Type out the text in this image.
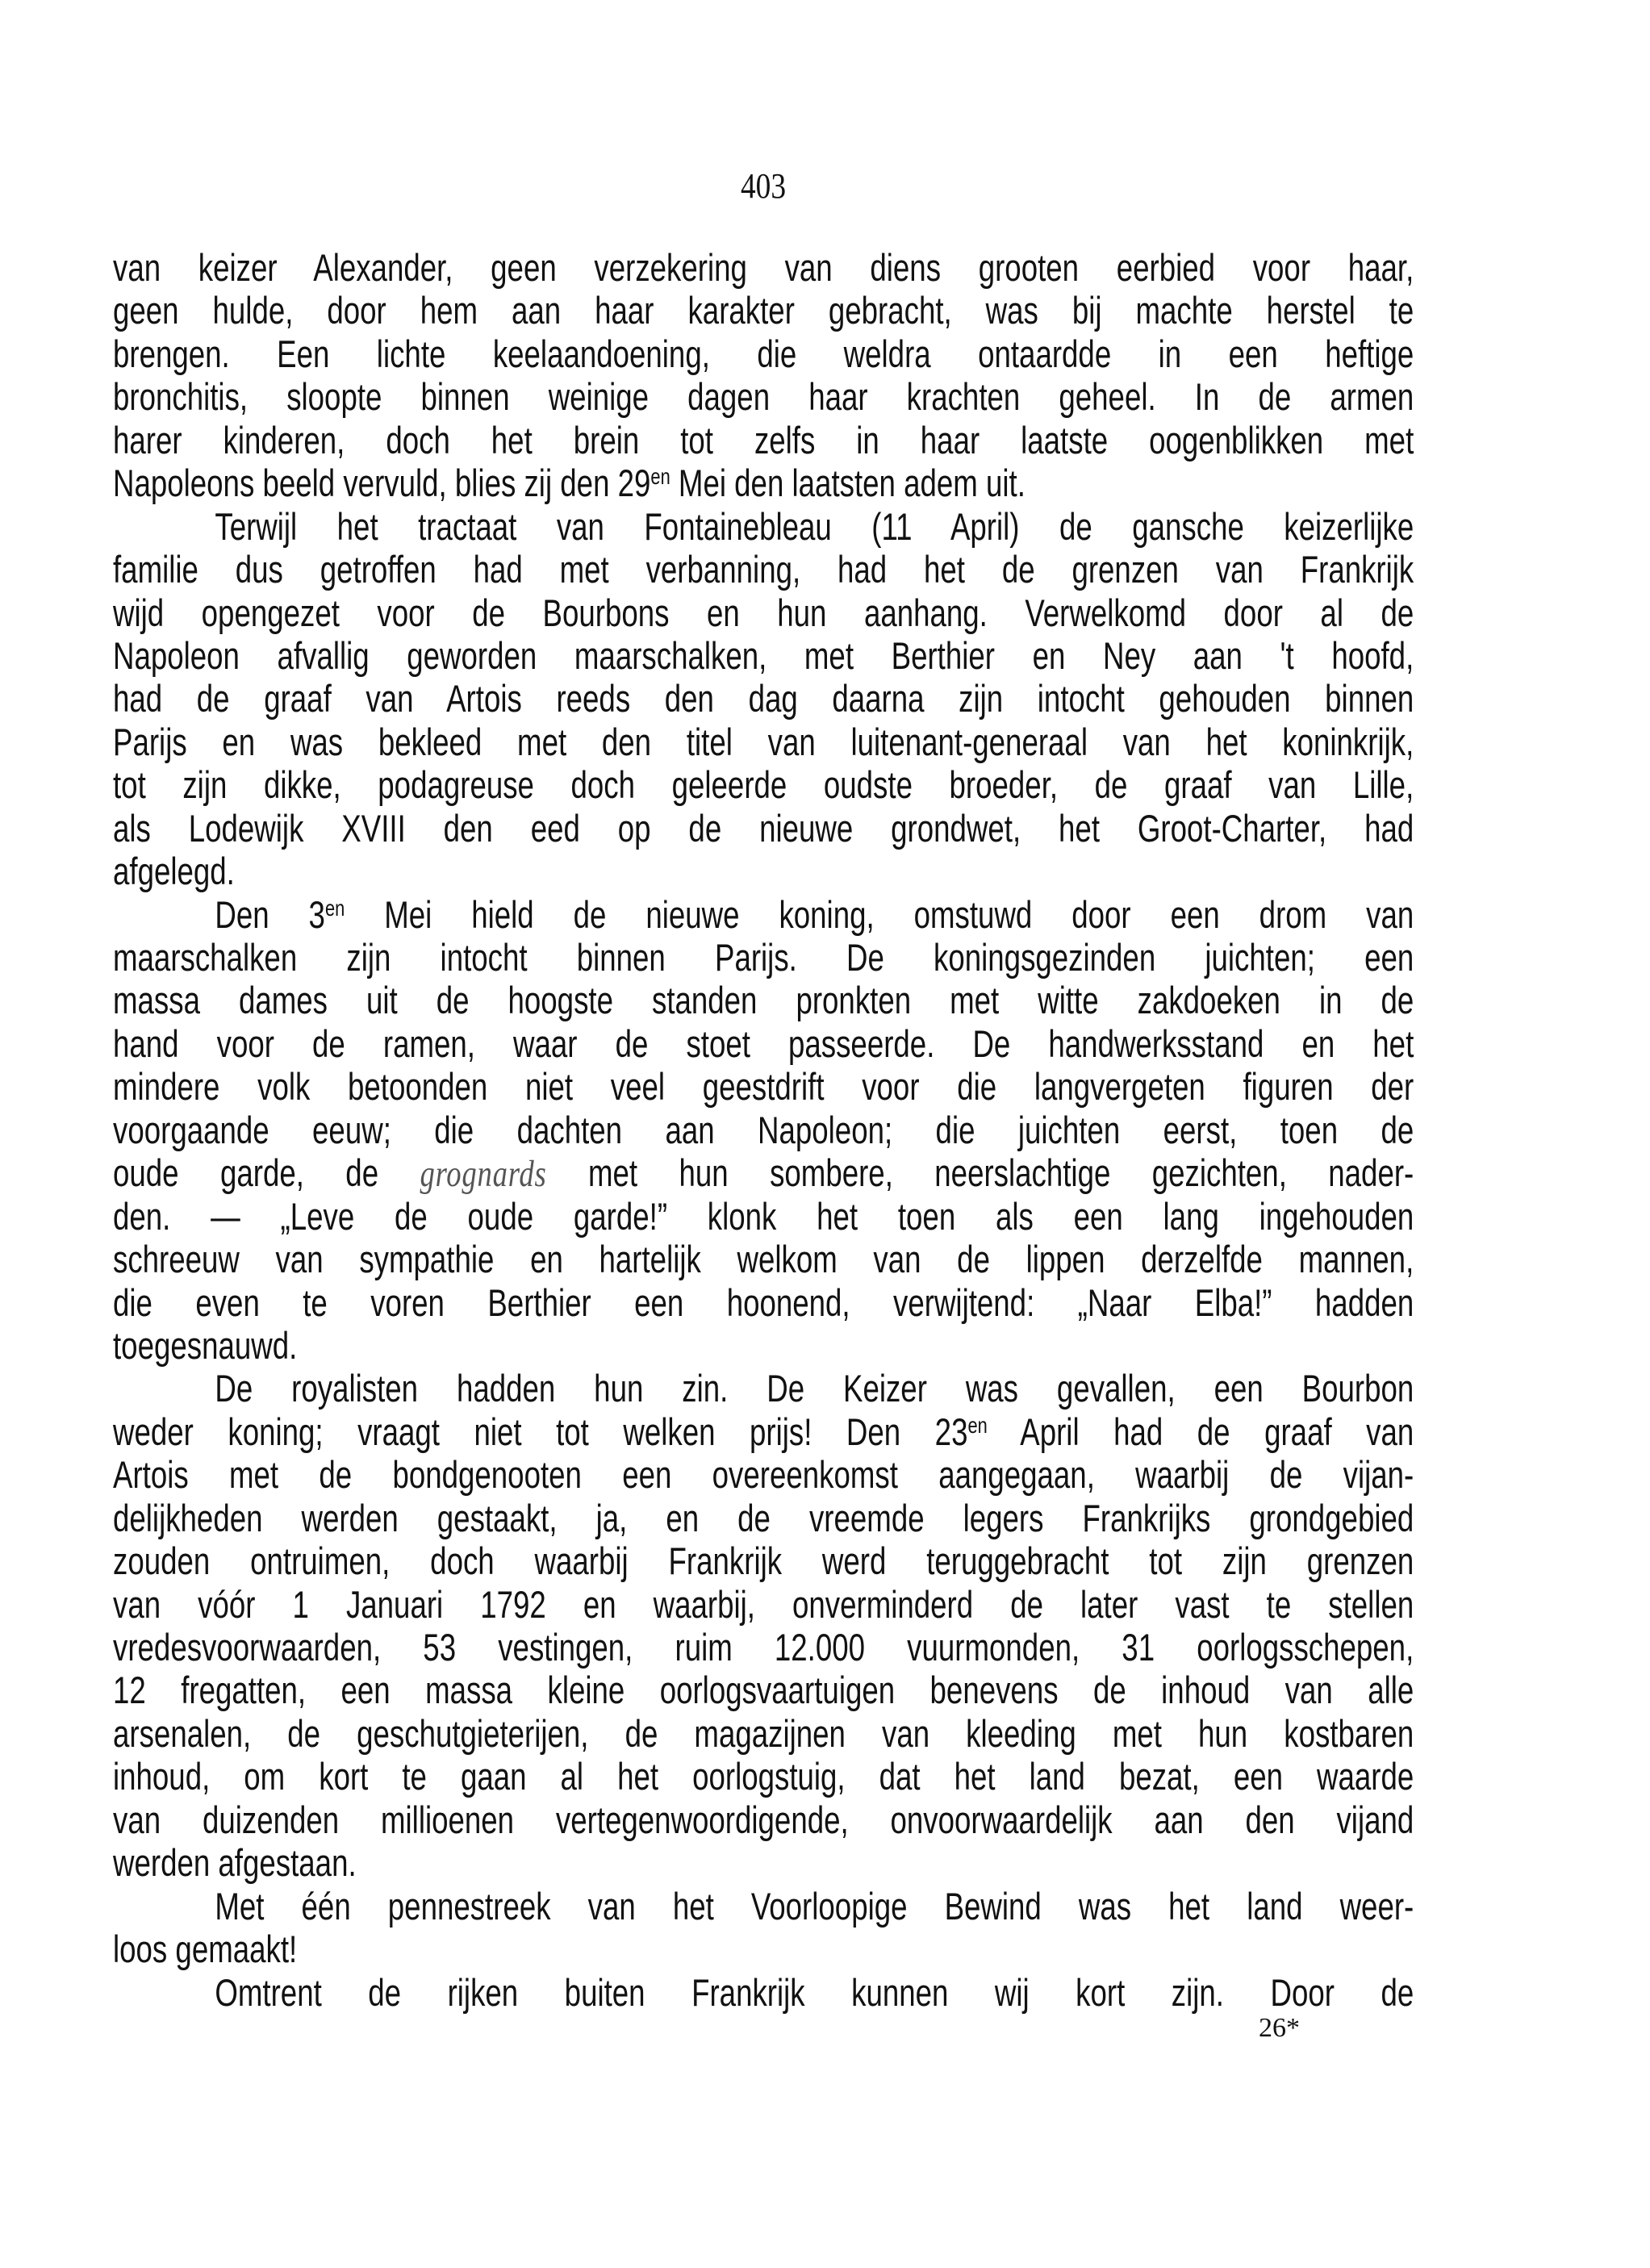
403
van keizer Alexander, geen verzekering van diens grooten eerbied voor haar,
geen hulde, door hem aan haar karakter gebracht, was bij machte herstel te
brengen. Een lichte keelaandoening, die weldra ontaardde in een heftige
bronchitis, sloopte binnen weinige dagen haar krachten geheel. In de armen
harer kinderen, doch het brein tot zelfs in haar laatste oogenblikken met
Napoleons beeld vervuld, blies zij den $29^{en}$ Mei den laatsten adem uit.
Terwijl het tractaat van Fontainebleau (11 April) de gansche keizerlijke
familie dus getroffen had met verbanning, had het de grenzen van Frankrijk
wijd opengezet voor de Bourbons en hun aanhang. Verwelkomd door al de
Napoleon afvallig geworden maarschalken, met Berthier en Ney aan 't hoofd,
had de graaf van Artois reeds den dag daarna zijn intocht gehouden binnen
Parijs en was bekleed met den titel van luitenant-generaal van het koninkrijk,
tot zijn dikke, podagreuse doch geleerde oudste broeder, de graaf van Lille,
als Lodewijk XVIII den eed op de nieuwe grondwet, het Groot-Charter, had
afgelegd.
Den $3^{en}$ Mei hield de nieuwe koning, omstuwd door een drom van
maarschalken zijn intocht binnen Parijs. De koningsgezinden juichten; een
massa dames uit de hoogste standen pronkten met witte zakdoeken in de
hand voor de ramen, waar de stoet passeerde. De handwerksstand en het
mindere volk betoonden niet veel geestdrift voor die langvergeten figuren der
voorgaande eeuw; die dachten aan Napoleon; die juichten eerst, toen de
oude garde, de grognards met hun sombere, neerslachtige gezichten, nader-
den. — „Leve de oude garde!” klonk het toen als een lang ingehouden
schreeuw van sympathie en hartelijk welkom van de lippen derzelfde mannen,
die even te voren Berthier een hoonend, verwijtend: „Naar Elba!” hadden
toegesnauwd.
De royalisten hadden hun zin. De Keizer was gevallen, een Bourbon
weder koning; vraagt niet tot welken prijs! Den $23^{en}$ April had de graaf van
Artois met de bondgenooten een overeenkomst aangegaan, waarbij de vijan-
delijkheden werden gestaakt, ja, en de vreemde legers Frankrijks grondgebied
zouden ontruimen, doch waarbij Frankrijk werd teruggebracht tot zijn grenzen
van vóór 1 Januari 1792 en waarbij, onverminderd de later vast te stellen
vredesvoorwaarden, 53 vestingen, ruim 12.000 vuurmonden, 31 oorlogsschepen,
12 fregatten, een massa kleine oorlogsvaartuigen benevens de inhoud van alle
arsenalen, de geschutgieterijen, de magazijnen van kleeding met hun kostbaren
inhoud, om kort te gaan al het oorlogstuig, dat het land bezat, een waarde
van duizenden millioenen vertegenwoordigende, onvoorwaardelijk aan den vijand
werden afgestaan.
Met één pennestreek van het Voorloopige Bewind was het land weer-
loos gemaakt!
Omtrent de rijken buiten Frankrijk kunnen wij kort zijn. Door de
26*
